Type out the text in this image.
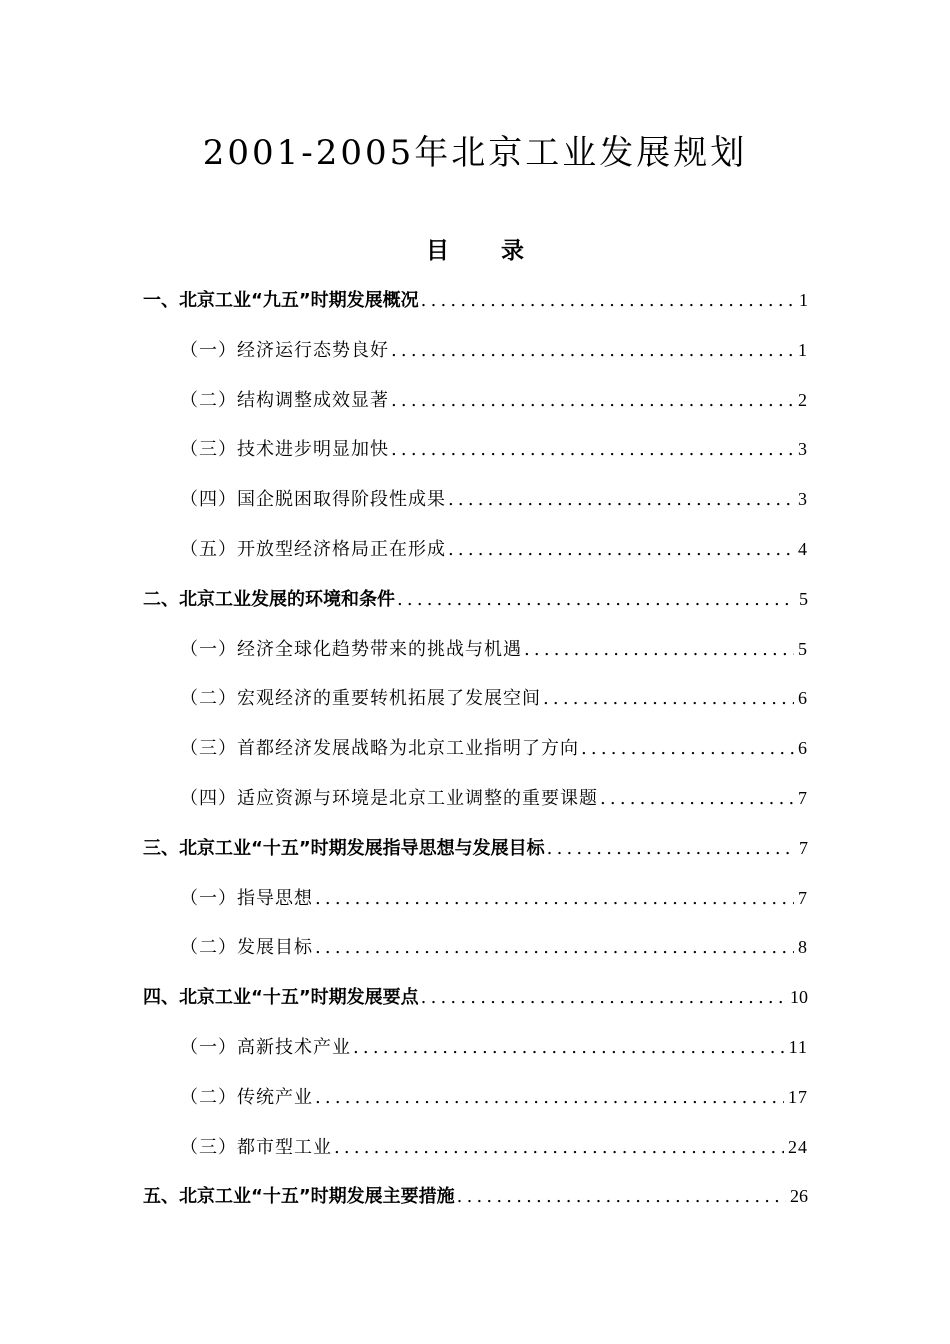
2001-2005年北京工业发展规划
目 录
一、北京工业“九五”时期发展概况 .....	1
（一）经济运行态势良好 .....	1
（二）结构调整成效显著 .....	2
（三）技术进步明显加快 .....	3
（四）国企脱困取得阶段性成果 .....	3
（五）开放型经济格局正在形成 .....	4
二、北京工业发展的环境和条件 .....	5
（一）经济全球化趋势带来的挑战与机遇 .....	5
（二）宏观经济的重要转机拓展了发展空间 .....	6
（三）首都经济发展战略为北京工业指明了方向 .....	6
（四）适应资源与环境是北京工业调整的重要课题 .....	7
三、北京工业“十五”时期发展指导思想与发展目标 .....	7
（一）指导思想 .....	7
（二）发展目标 .....	8
四、北京工业“十五”时期发展要点 .....	10
（一）高新技术产业 .....	11
（二）传统产业 .....	17
（三）都市型工业 .....	24
五、北京工业“十五”时期发展主要措施 .....	26
